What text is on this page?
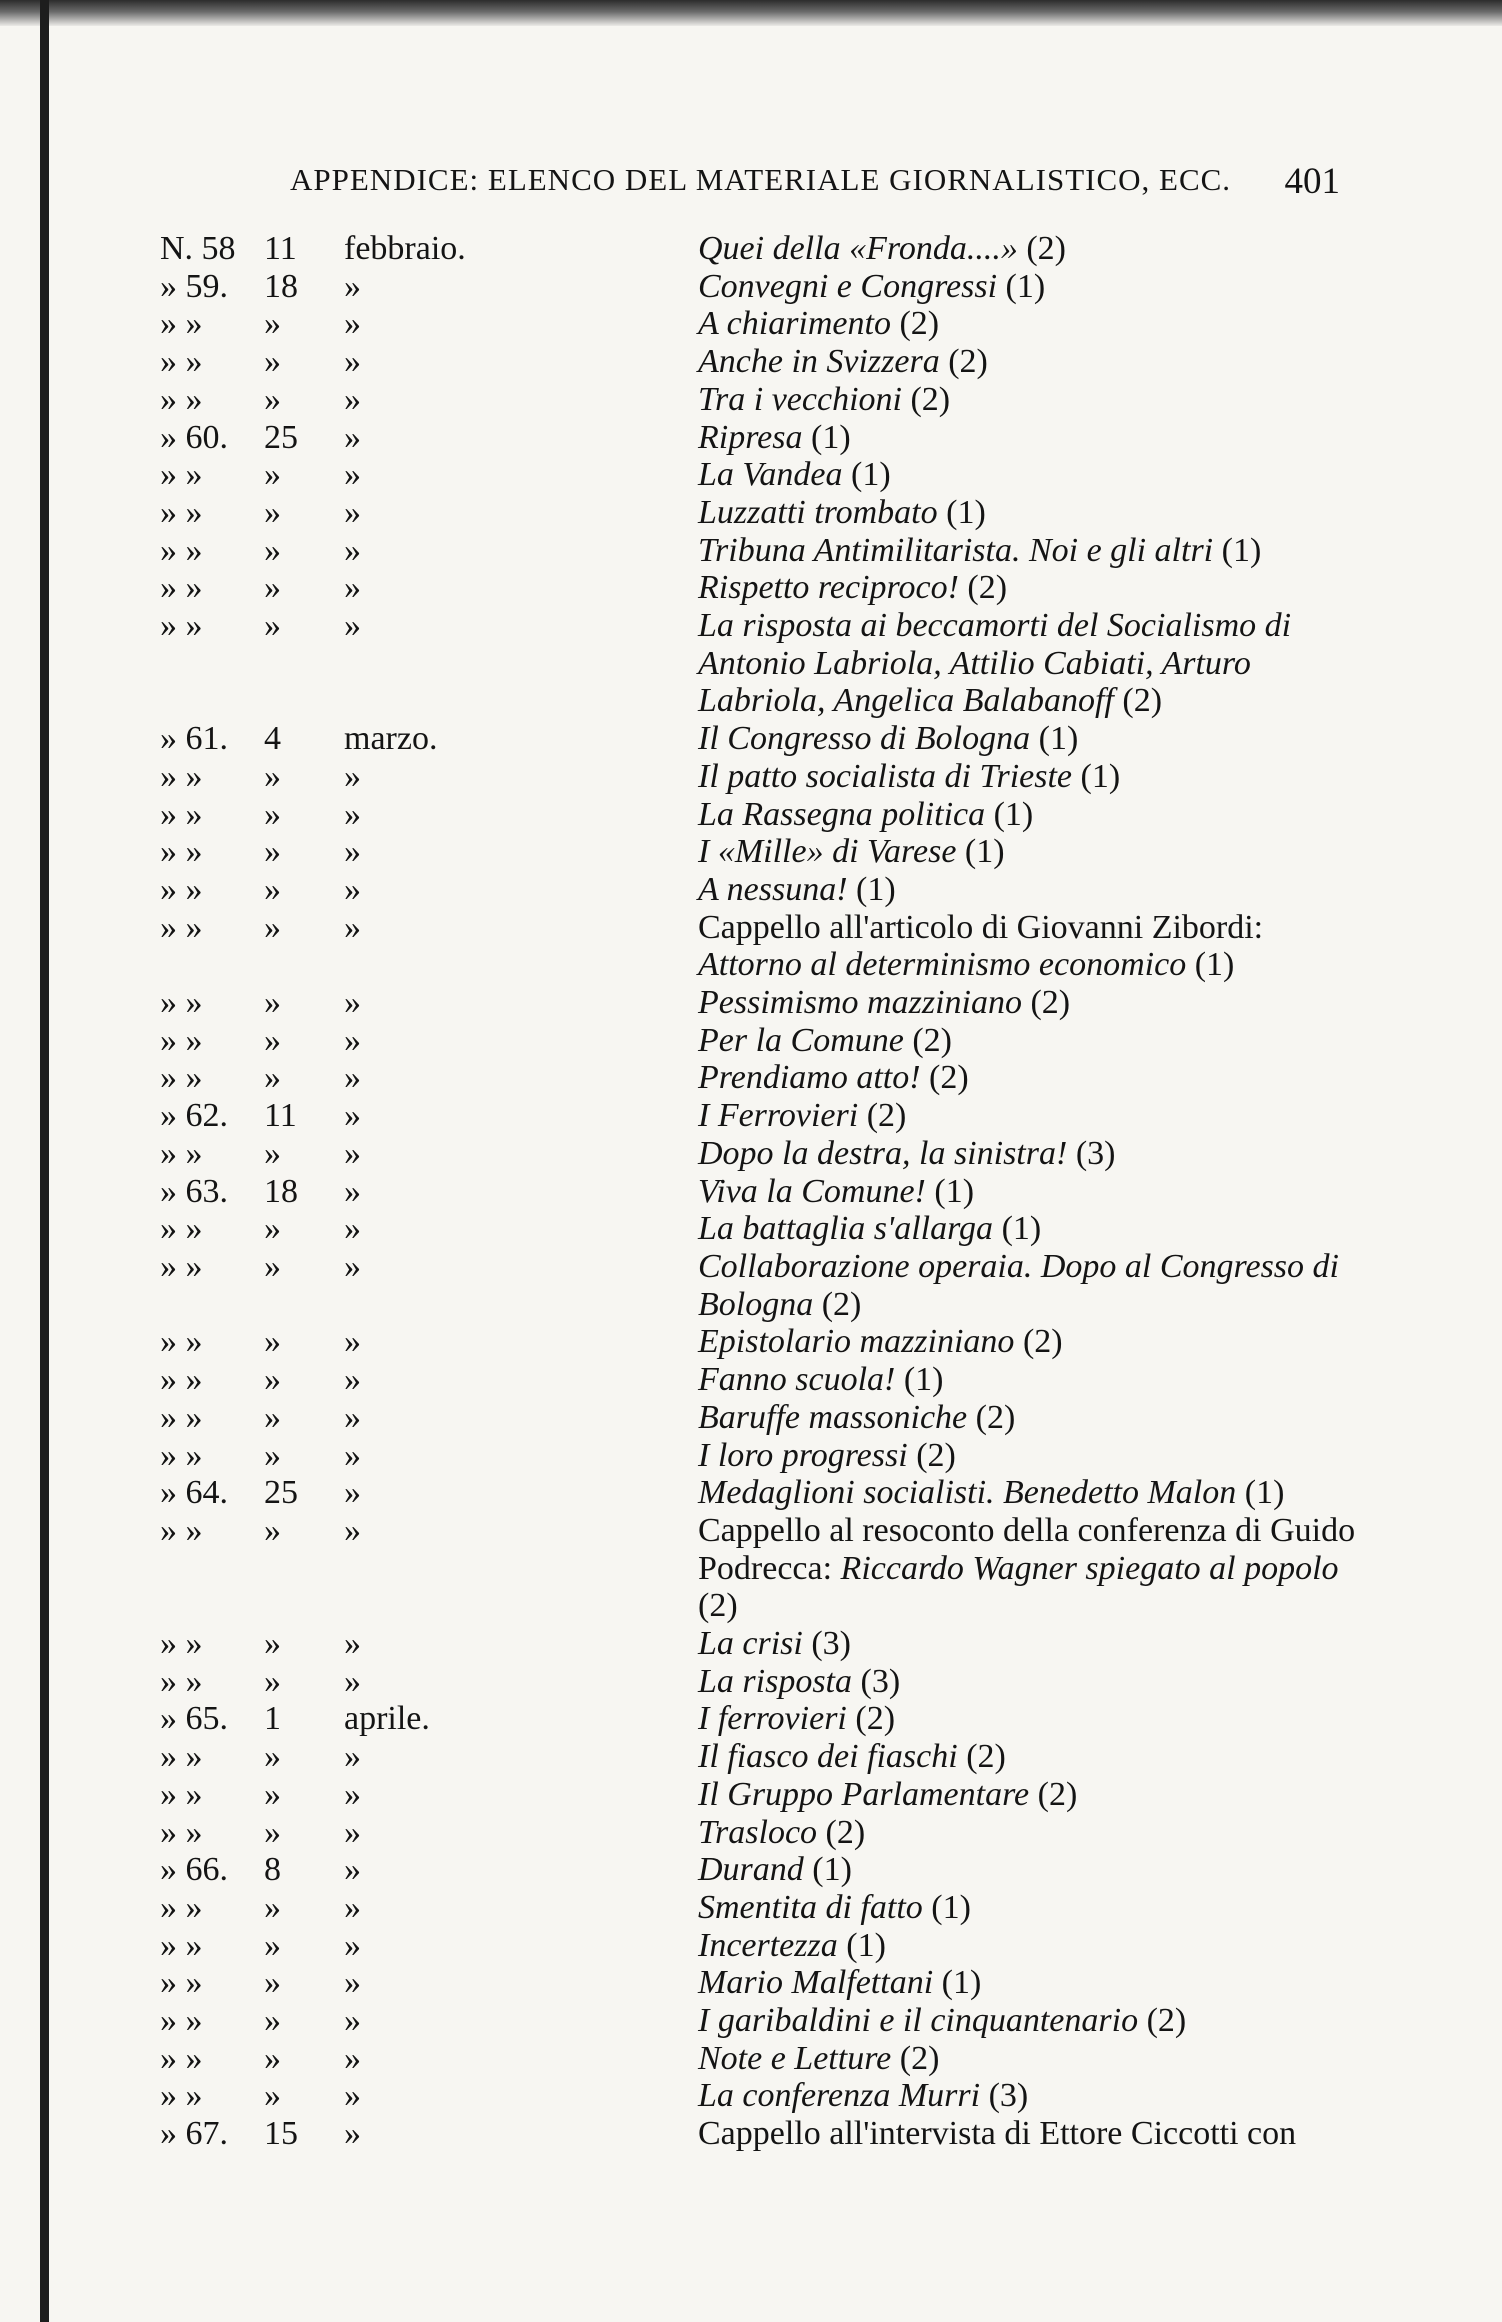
APPENDICE: ELENCO DEL MATERIALE GIORNALISTICO, ECC. 401
N. 58 11	febbraio.	Quei della «Fronda....» (2)
» 59.	18	»	Convegni e Congressi (1)
» »	»	»	A chiarimento (2)
» »	»	»	Anche in Svizzera (2)
» »	»	»	Tra i vecchioni (2)
» 60.	25	»	Ripresa (1)
» »	»	»	La Vandea (1)
» »	»	»	Luzzatti trombato (1)
» »	»	»	Tribuna Antimilitarista. Noi e gli altri (1)
» »	»	»	Rispetto reciproco! (2)
» »	»	»	La risposta ai beccamorti del Socialismo di Antonio Labriola, Attilio Cabiati, Arturo Labriola, Angelica Balabanoff (2)
» 61.	4	marzo.	Il Congresso di Bologna (1)
» »	»	»	Il patto socialista di Trieste (1)
» »	»	»	La Rassegna politica (1)
» »	»	»	I «Mille» di Varese (1)
» »	»	»	A nessuna! (1)
» »	»	»	Cappello all'articolo di Giovanni Zibordi: Attorno al determinismo economico (1)
» »	»	»	Pessimismo mazziniano (2)
» »	»	»	Per la Comune (2)
» »	»	»	Prendiamo atto! (2)
» 62.	11	»	I Ferrovieri (2)
» »	»	»	Dopo la destra, la sinistra! (3)
» 63.	18	»	Viva la Comune! (1)
» »	»	»	La battaglia s'allarga (1)
» »	»	»	Collaborazione operaia. Dopo al Congresso di Bologna (2)
» »	»	»	Epistolario mazziniano (2)
» »	»	»	Fanno scuola! (1)
» »	»	»	Baruffe massoniche (2)
» »	»	»	I loro progressi (2)
» 64.	25	»	Medaglioni socialisti. Benedetto Malon (1)
» »	»	»	Cappello al resoconto della conferenza di Guido Podrecca: Riccardo Wagner spiegato al popolo (2)
» »	»	»	La crisi (3)
» »	»	»	La risposta (3)
» 65.	1	aprile.	I ferrovieri (2)
» »	»	»	Il fiasco dei fiaschi (2)
» »	»	»	Il Gruppo Parlamentare (2)
» »	»	»	Trasloco (2)
» 66.	8	»	Durand (1)
» »	»	»	Smentita di fatto (1)
» »	»	»	Incertezza (1)
» »	»	»	Mario Malfettani (1)
» »	»	»	I garibaldini e il cinquantenario (2)
» »	»	»	Note e Letture (2)
» »	»	»	La conferenza Murri (3)
» 67.	15	»	Cappello all'intervista di Ettore Ciccotti con
